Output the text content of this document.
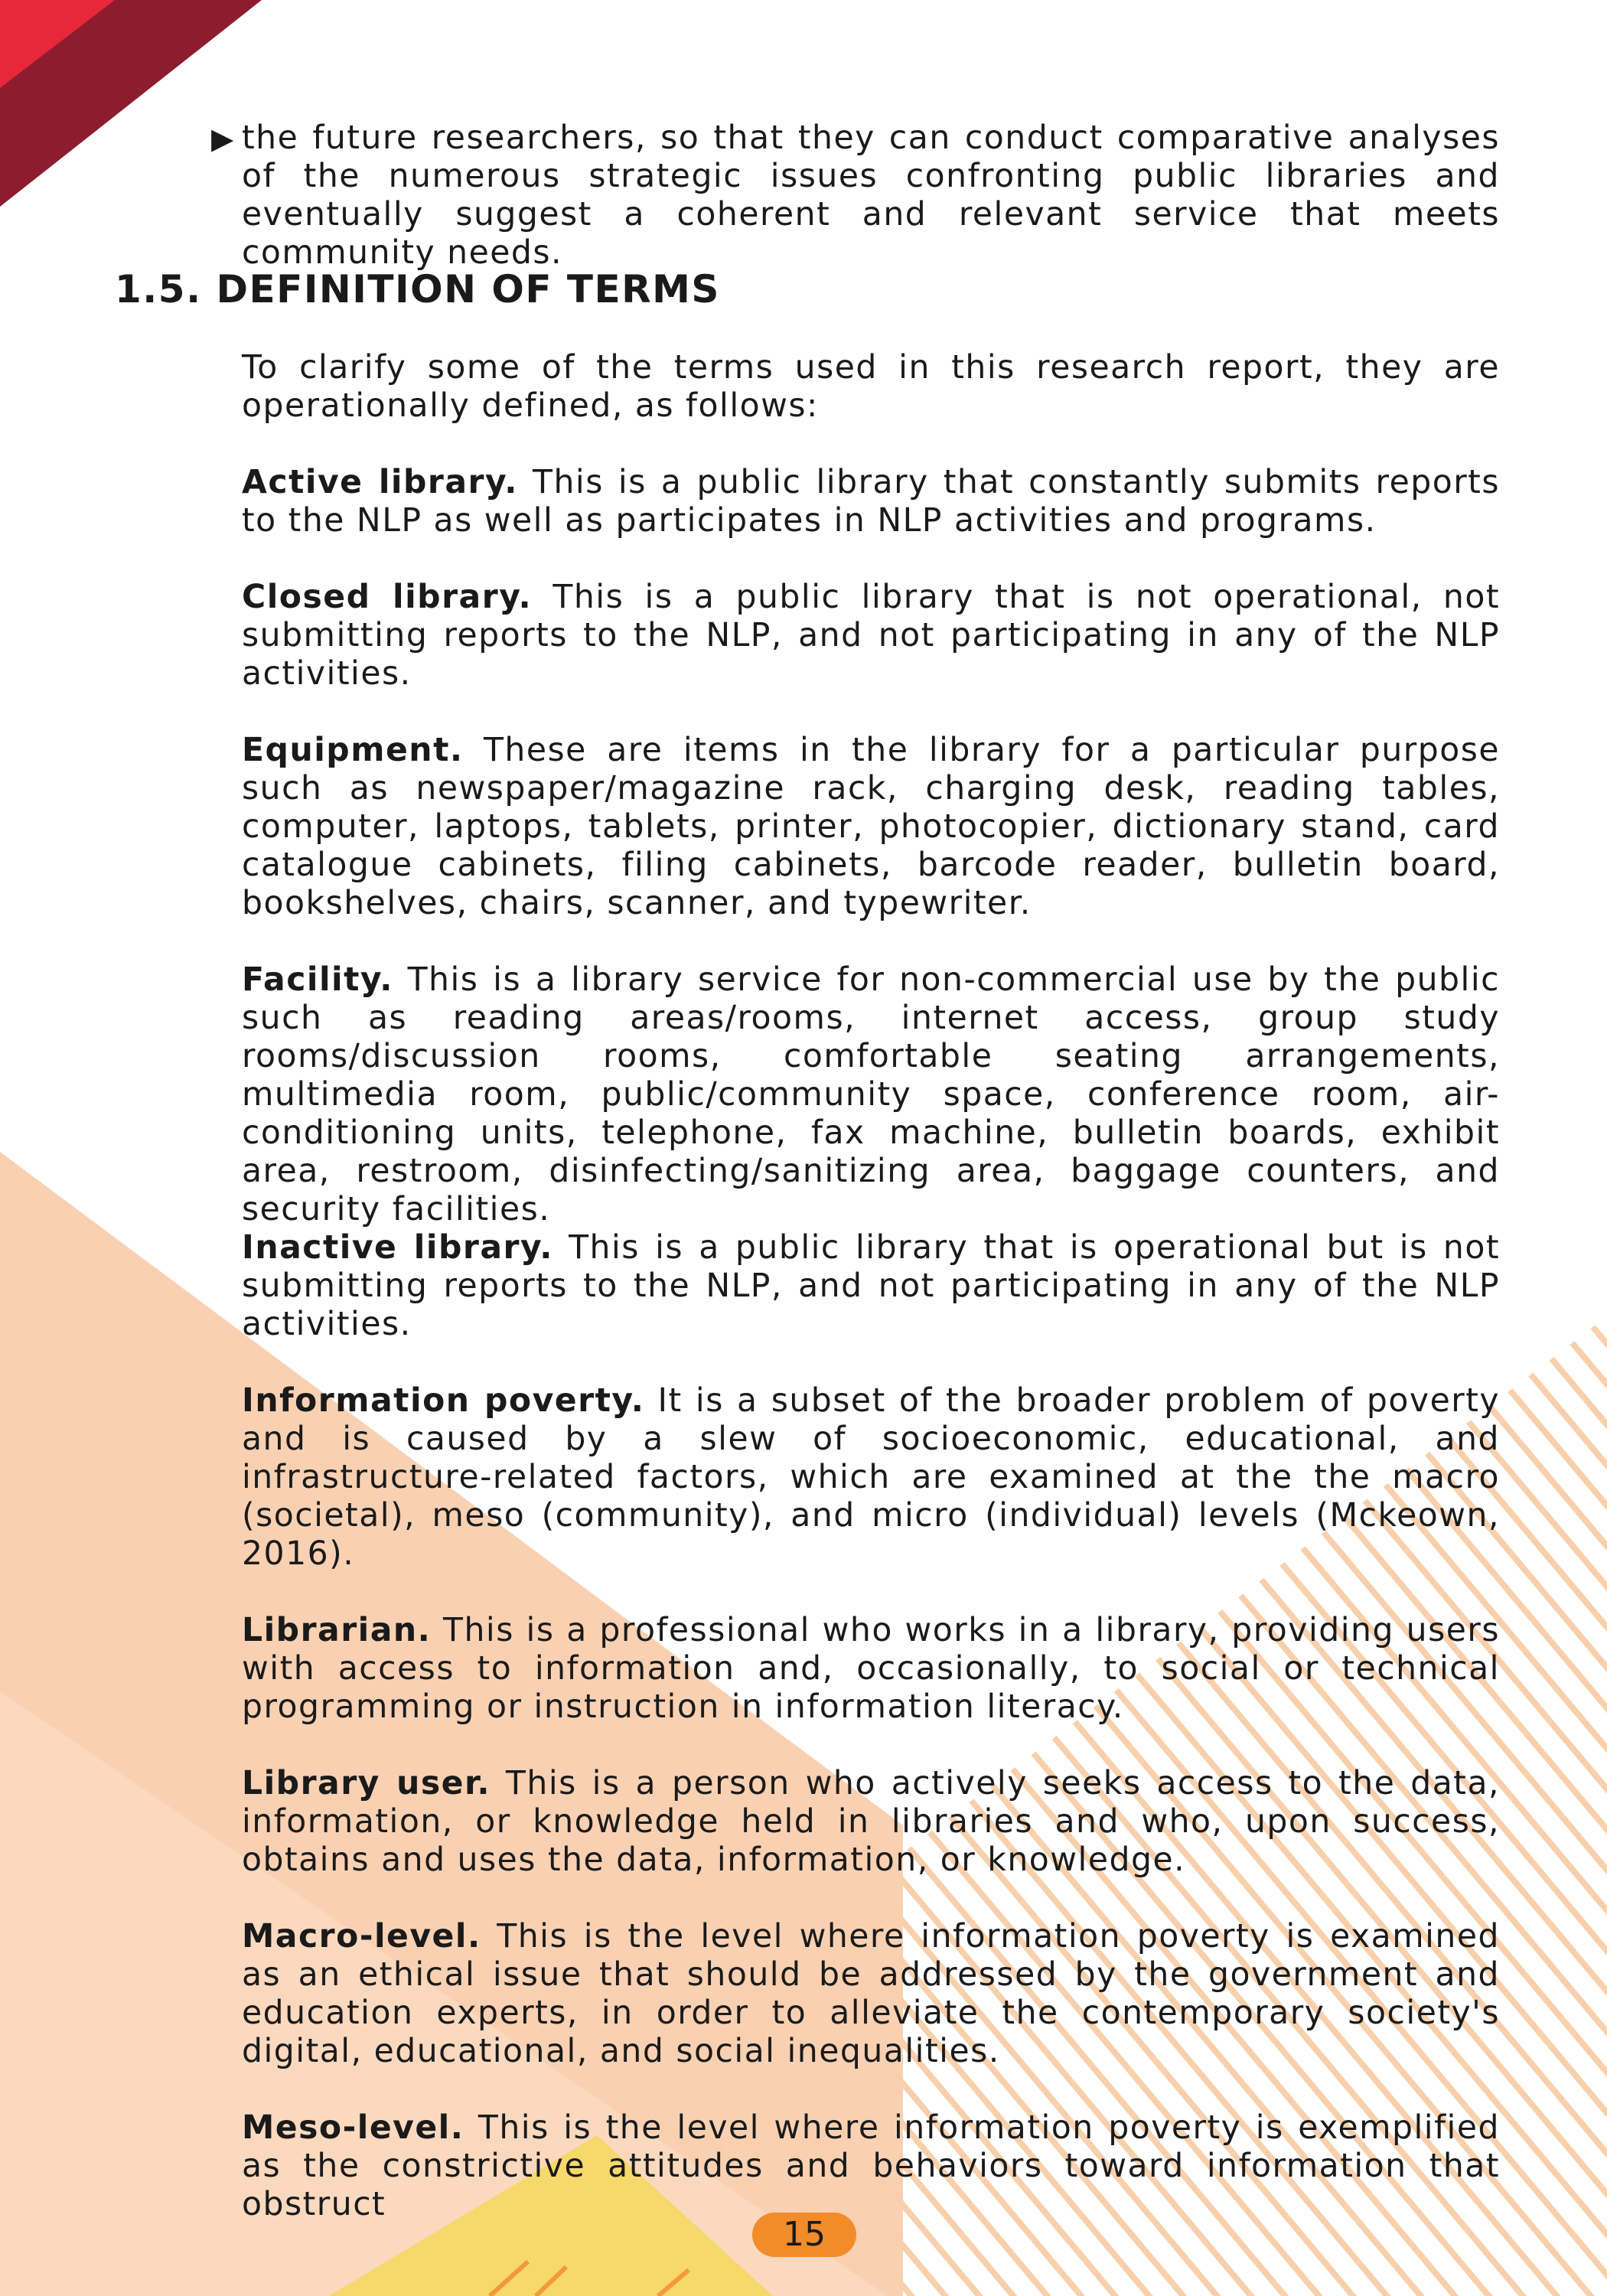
▶ the future researchers, so that they can conduct comparative analyses of the numerous strategic issues confronting public libraries and eventually suggest a coherent and relevant service that meets community needs.

1.5. DEFINITION OF TERMS

To clarify some of the terms used in this research report, they are operationally defined, as follows:

Active library. This is a public library that constantly submits reports to the NLP as well as participates in NLP activities and programs.

Closed library. This is a public library that is not operational, not submitting reports to the NLP, and not participating in any of the NLP activities.

Equipment. These are items in the library for a particular purpose such as newspaper/magazine rack, charging desk, reading tables, computer, laptops, tablets, printer, photocopier, dictionary stand, card catalogue cabinets, filing cabinets, barcode reader, bulletin board, bookshelves, chairs, scanner, and typewriter.

Facility. This is a library service for non-commercial use by the public such as reading areas/rooms, internet access, group study rooms/discussion rooms, comfortable seating arrangements, multimedia room, public/community space, conference room, air-conditioning units, telephone, fax machine, bulletin boards, exhibit area, restroom, disinfecting/sanitizing area, baggage counters, and security facilities.

Inactive library. This is a public library that is operational but is not submitting reports to the NLP, and not participating in any of the NLP activities.

Information poverty. It is a subset of the broader problem of poverty and is caused by a slew of socioeconomic, educational, and infrastructure-related factors, which are examined at the the macro (societal), meso (community), and micro (individual) levels (Mckeown, 2016).

Librarian. This is a professional who works in a library, providing users with access to information and, occasionally, to social or technical programming or instruction in information literacy.

Library user. This is a person who actively seeks access to the data, information, or knowledge held in libraries and who, upon success, obtains and uses the data, information, or knowledge.

Macro-level. This is the level where information poverty is examined as an ethical issue that should be addressed by the government and education experts, in order to alleviate the contemporary society's digital, educational, and social inequalities.

Meso-level. This is the level where information poverty is exemplified as the constrictive attitudes and behaviors toward information that obstruct

15
